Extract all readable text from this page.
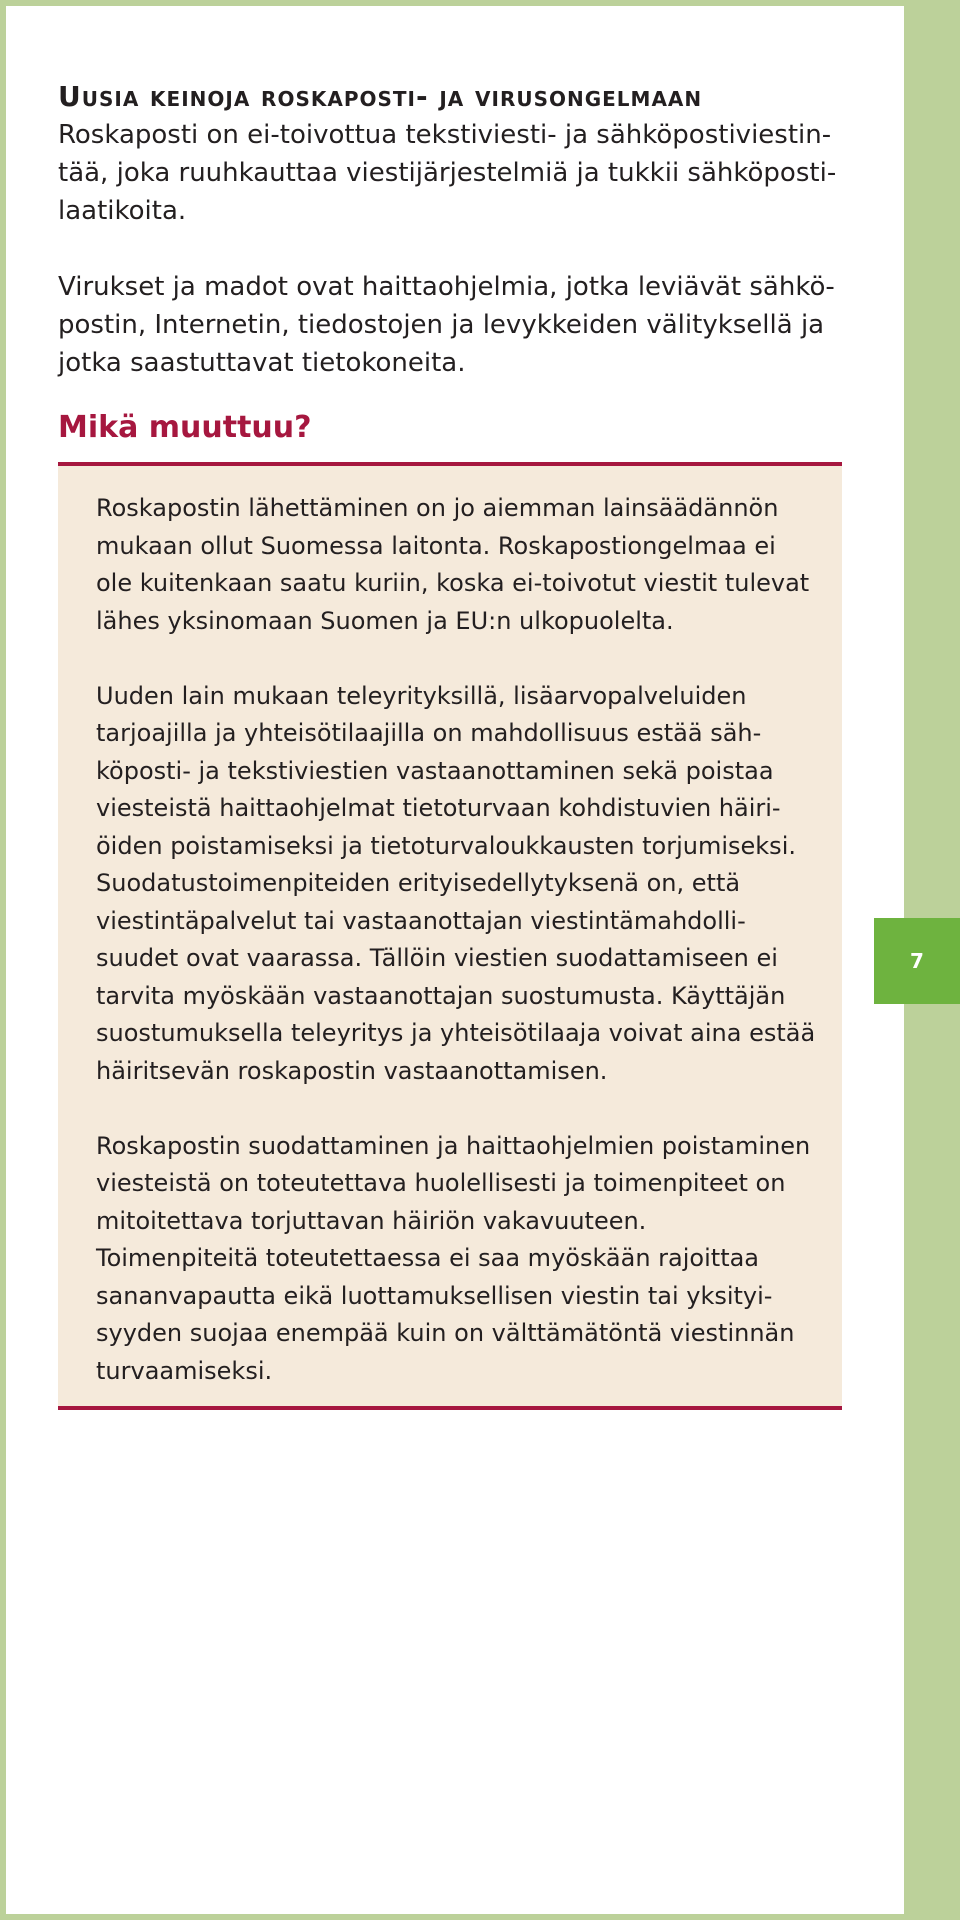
Uusia keinoja roskaposti- ja virusongelmaan

Roskaposti on ei-toivottua tekstiviesti- ja sähköpostiviestintää, joka ruuhkauttaa viestijärjestelmiä ja tukkii sähköpostilaatikoita.

Virukset ja madot ovat haittaohjelmia, jotka leviävät sähköpostin, Internetin, tiedostojen ja levykkeiden välityksellä ja jotka saastuttavat tietokoneita.

Mikä muuttuu?

Roskapostin lähettäminen on jo aiemman lainsäädännön mukaan ollut Suomessa laitonta. Roskapostiongelmaa ei ole kuitenkaan saatu kuriin, koska ei-toivotut viestit tulevat lähes yksinomaan Suomen ja EU:n ulkopuolelta.

Uuden lain mukaan teleyrityksillä, lisäarvopalveluiden tarjoajilla ja yhteisötilaajilla on mahdollisuus estää sähköposti- ja tekstiviestien vastaanottaminen sekä poistaa viesteistä haittaohjelmat tietoturvaan kohdistuvien häiriöiden poistamiseksi ja tietoturvaloukkausten torjumiseksi. Suodatustoimenpiteiden erityisedellytyksenä on, että viestintäpalvelut tai vastaanottajan viestintämahdollisuudet ovat vaarassa. Tällöin viestien suodattamiseen ei tarvita myöskään vastaanottajan suostumusta. Käyttäjän suostumuksella teleyritys ja yhteisötilaaja voivat aina estää häiritsevän roskapostin vastaanottamisen.

Roskapostin suodattaminen ja haittaohjelmien poistaminen viesteistä on toteutettava huolellisesti ja toimenpiteet on mitoitettava torjuttavan häiriön vakavuuteen. Toimenpiteitä toteutettaessa ei saa myöskään rajoittaa sananvapautta eikä luottamuksellisen viestin tai yksityisyyden suojaa enempää kuin on välttämätöntä viestinnän turvaamiseksi.

7
